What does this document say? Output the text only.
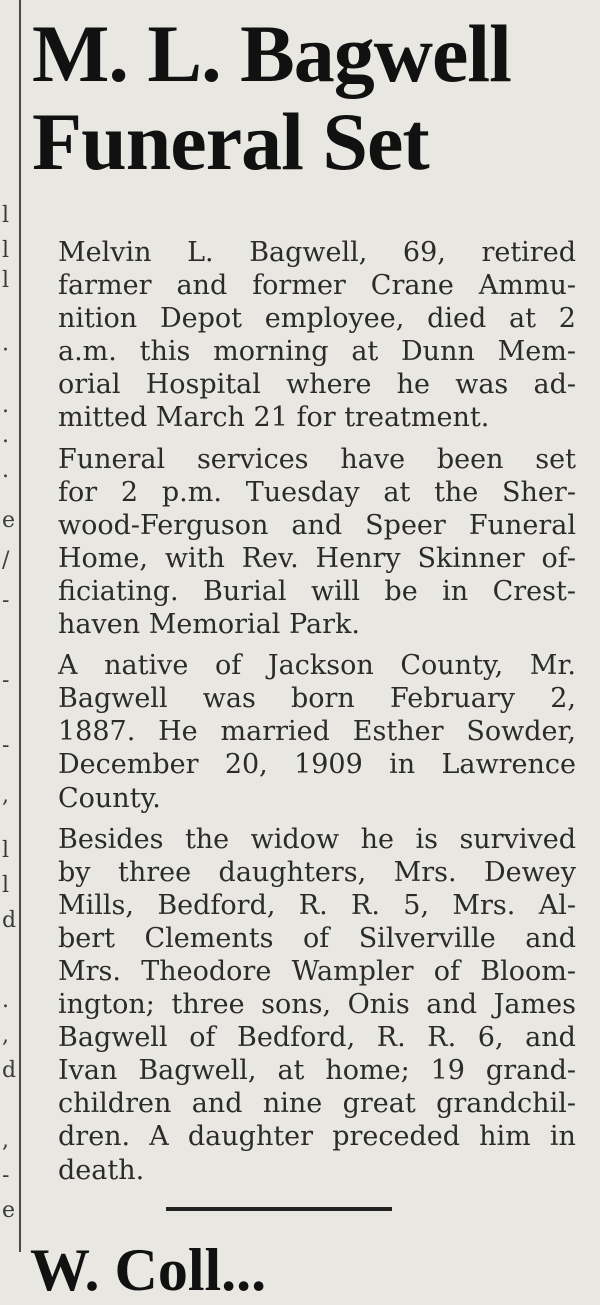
l
l
l
·
.
.
.
e
/
-
-
-
,
l
l
d
.
,
d
,
-
e
M. L. Bagwell
Funeral Set
Melvin L. Bagwell, 69, retired
farmer and former Crane Ammu-
nition Depot employee, died at 2
a.m. this morning at Dunn Mem-
orial Hospital where he was ad-
mitted March 21 for treatment.
Funeral services have been set
for 2 p.m. Tuesday at the Sher-
wood-Ferguson and Speer Funeral
Home, with Rev. Henry Skinner of-
ficiating. Burial will be in Crest-
haven Memorial Park.
A native of Jackson County, Mr.
Bagwell was born February 2,
1887. He married Esther Sowder,
December 20, 1909 in Lawrence
County.
Besides the widow he is survived
by three daughters, Mrs. Dewey
Mills, Bedford, R. R. 5, Mrs. Al-
bert Clements of Silverville and
Mrs. Theodore Wampler of Bloom-
ington; three sons, Onis and James
Bagwell of Bedford, R. R. 6, and
Ivan Bagwell, at home; 19 grand-
children and nine great grandchil-
dren. A daughter preceded him in
death.
W. Coll...
